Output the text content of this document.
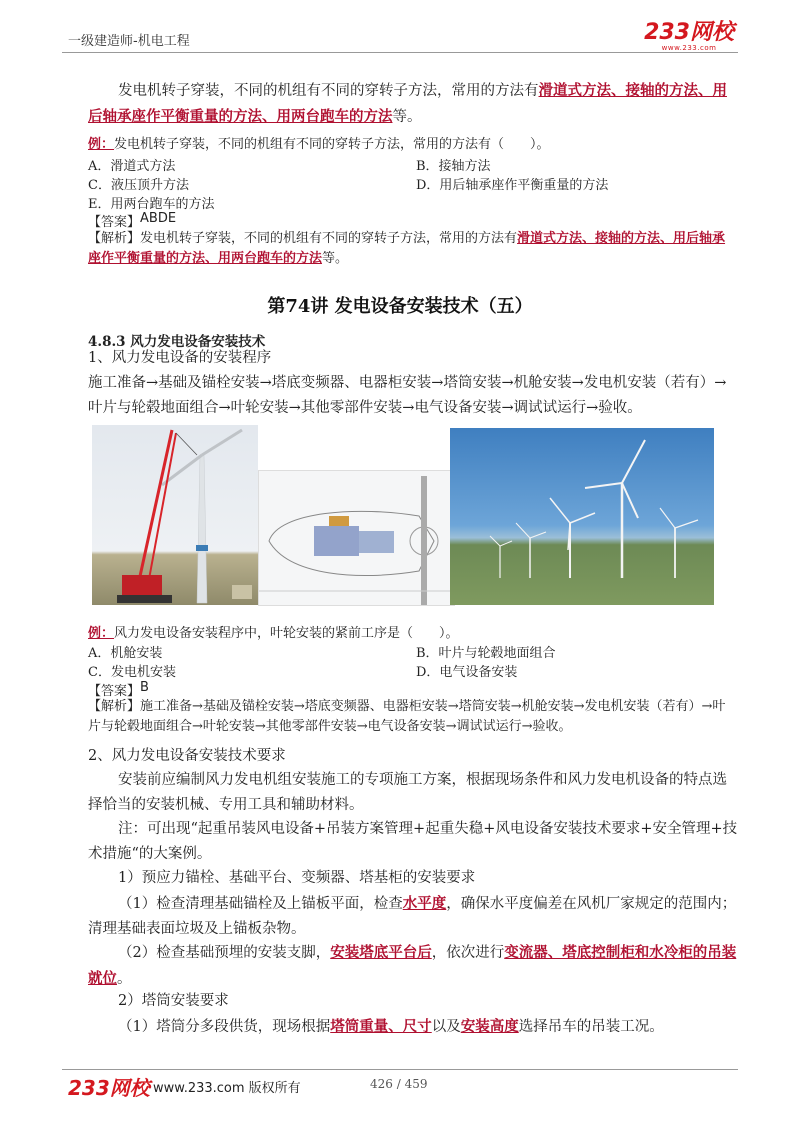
一级建造师-机电工程	233网校
www.233.com
发电机转子穿装，不同的机组有不同的穿转子方法，常用的方法有滑道式方法、接轴的方法、用后轴承座作平衡重量的方法、用两台跑车的方法等。
例：发电机转子穿装，不同的机组有不同的穿转子方法，常用的方法有（　　）。
A．滑道式方法	B．接轴方法
C．液压顶升方法	D．用后轴承座作平衡重量的方法
E．用两台跑车的方法
【答案】 ABDE
【解析】发电机转子穿装，不同的机组有不同的穿转子方法，常用的方法有滑道式方法、接轴的方法、用后轴承座作平衡重量的方法、用两台跑车的方法等。
第74讲 发电设备安装技术（五）
4.8.3 风力发电设备安装技术
1、风力发电设备的安装程序
施工准备→基础及锚栓安装→塔底变频器、电器柜安装→塔筒安装→机舱安装→发电机安装（若有）→叶片与轮毂地面组合→叶轮安装→其他零部件安装→电气设备安装→调试试运行→验收。
例：风力发电设备安装程序中，叶轮安装的紧前工序是（　　）。
A．机舱安装	B．叶片与轮毂地面组合
C．发电机安装	D．电气设备安装
【答案】 B
【解析】施工准备→基础及锚栓安装→塔底变频器、电器柜安装→塔筒安装→机舱安装→发电机安装（若有）→叶片与轮毂地面组合→叶轮安装→其他零部件安装→电气设备安装→调试试运行→验收。
2、风力发电设备安装技术要求
安装前应编制风力发电机组安装施工的专项施工方案，根据现场条件和风力发电机设备的特点选择恰当的安装机械、专用工具和辅助材料。
注：可出现“起重吊装风电设备+吊装方案管理+起重失稳+风电设备安装技术要求+安全管理+技术措施“的大案例。
1）预应力锚栓、基础平台、变频器、塔基柜的安装要求
（1）检查清理基础锚栓及上锚板平面，检查水平度，确保水平度偏差在风机厂家规定的范围内；清理基础表面垃圾及上锚板杂物。
（2）检查基础预埋的安装支脚，安装塔底平台后，依次进行变流器、塔底控制柜和水冷柜的吊装就位。
2）塔筒安装要求
（1）塔筒分多段供货，现场根据塔筒重量、尺寸以及安装高度选择吊车的吊装工况。
233网校 www.233.com 版权所有	426 / 459
